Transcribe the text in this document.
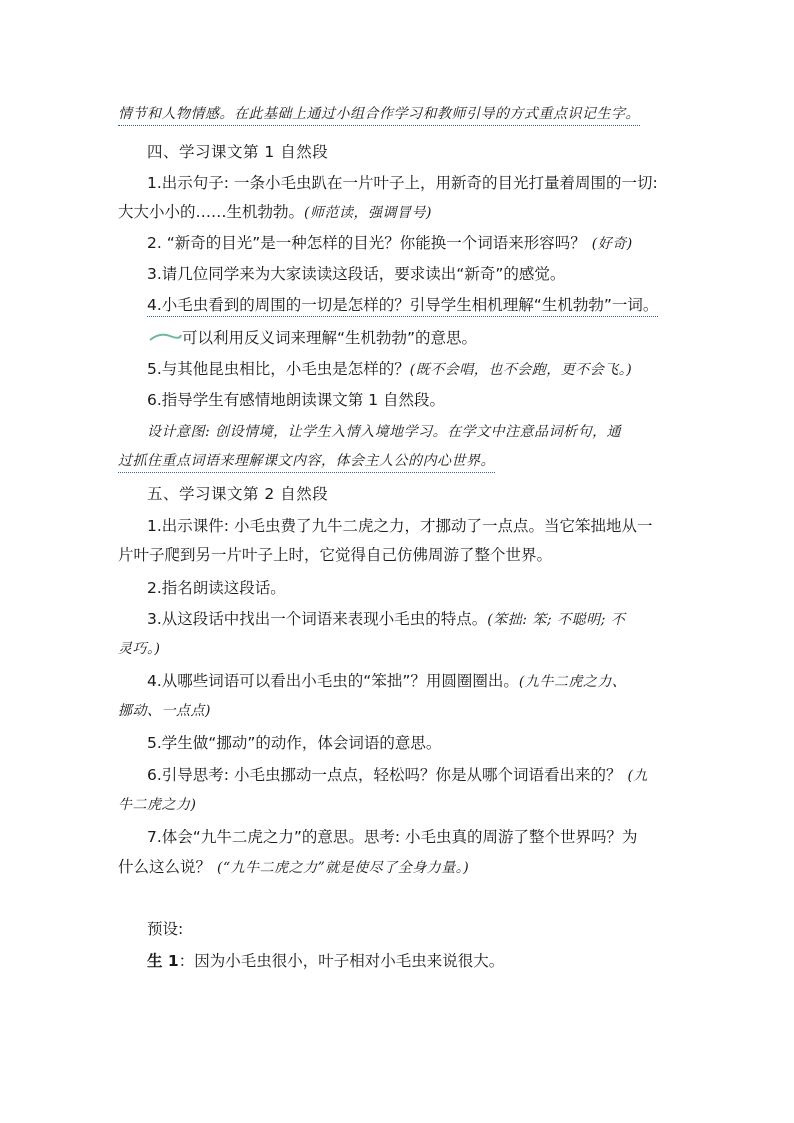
情节和人物情感。在此基础上通过小组合作学习和教师引导的方式重点识记生字。
四、学习课文第 1 自然段
1.出示句子: 一条小毛虫趴在一片叶子上，用新奇的目光打量着周围的一切:
大大小小的……生机勃勃。(师范读，强调冒号)
2. “新奇的目光”是一种怎样的目光？你能换一个词语来形容吗？ (好奇)
3.请几位同学来为大家读读这段话，要求读出“新奇”的感觉。
4.小毛虫看到的周围的一切是怎样的？引导学生相机理解“生机勃勃”一词。
可以利用反义词来理解“生机勃勃”的意思。
5.与其他昆虫相比，小毛虫是怎样的？(既不会唱，也不会跑，更不会飞。)
6.指导学生有感情地朗读课文第 1 自然段。
设计意图: 创设情境，让学生入情入境地学习。在学文中注意品词析句，通
过抓住重点词语来理解课文内容，体会主人公的内心世界。
五、学习课文第 2 自然段
1.出示课件: 小毛虫费了九牛二虎之力，才挪动了一点点。当它笨拙地从一
片叶子爬到另一片叶子上时，它觉得自己仿佛周游了整个世界。
2.指名朗读这段话。
3.从这段话中找出一个词语来表现小毛虫的特点。(笨拙: 笨; 不聪明; 不
灵巧。)
4.从哪些词语可以看出小毛虫的“笨拙”？用圆圈圈出。(九牛二虎之力、
挪动、一点点)
5.学生做“挪动”的动作，体会词语的意思。
6.引导思考: 小毛虫挪动一点点，轻松吗？你是从哪个词语看出来的？ (九
牛二虎之力)
7.体会“九牛二虎之力”的意思。思考: 小毛虫真的周游了整个世界吗？为
什么这么说？ (“九牛二虎之力”就是使尽了全身力量。)
预设:
生 1：因为小毛虫很小，叶子相对小毛虫来说很大。
